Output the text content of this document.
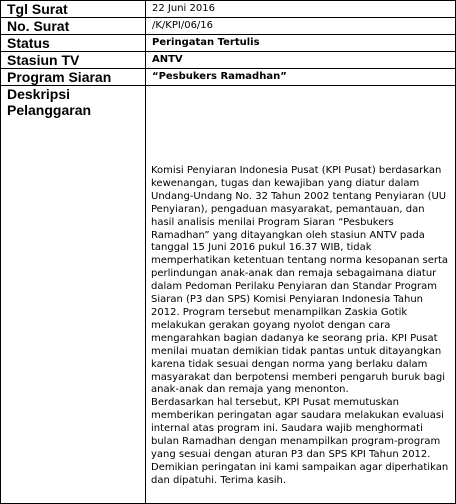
Tgl Surat	22 Juni 2016
No. Surat	/K/KPI/06/16
Status	Peringatan Tertulis
Stasiun TV	ANTV
Program Siaran	“Pesbukers Ramadhan”
Deskripsi Pelanggaran	Komisi Penyiaran Indonesia Pusat (KPI Pusat) berdasarkan kewenangan, tugas dan kewajiban yang diatur dalam Undang-Undang No. 32 Tahun 2002 tentang Penyiaran (UU Penyiaran), pengaduan masyarakat, pemantauan, dan hasil analisis menilai Program Siaran “Pesbukers Ramadhan” yang ditayangkan oleh stasiun ANTV pada tanggal 15 Juni 2016 pukul 16.37 WIB, tidak memperhatikan ketentuan tentang norma kesopanan serta perlindungan anak-anak dan remaja sebagaimana diatur dalam Pedoman Perilaku Penyiaran dan Standar Program Siaran (P3 dan SPS) Komisi Penyiaran Indonesia Tahun 2012. Program tersebut menampilkan Zaskia Gotik melakukan gerakan goyang nyolot dengan cara mengarahkan bagian dadanya ke seorang pria. KPI Pusat menilai muatan demikian tidak pantas untuk ditayangkan karena tidak sesuai dengan norma yang berlaku dalam masyarakat dan berpotensi memberi pengaruh buruk bagi anak-anak dan remaja yang menonton.

Berdasarkan hal tersebut, KPI Pusat memutuskan memberikan peringatan agar saudara melakukan evaluasi internal atas program ini. Saudara wajib menghormati bulan Ramadhan dengan menampilkan program-program yang sesuai dengan aturan P3 dan SPS KPI Tahun 2012. Demikian peringatan ini kami sampaikan agar diperhatikan dan dipatuhi. Terima kasih.
